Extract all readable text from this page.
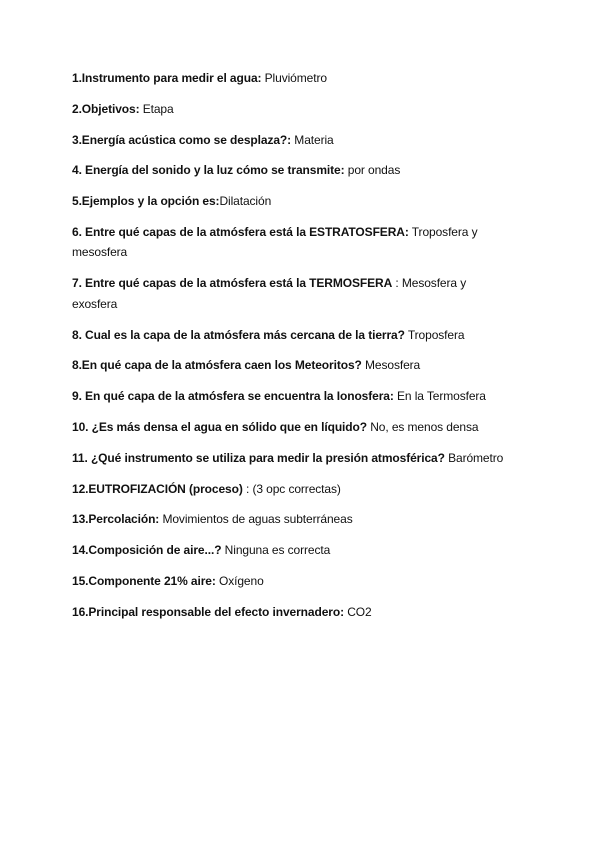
1.Instrumento para medir el agua: Pluviómetro

2.Objetivos: Etapa

3.Energía acústica como se desplaza?: Materia

4. Energía del sonido y la luz cómo se transmite: por ondas

5.Ejemplos y la opción es:Dilatación

6. Entre qué capas de la atmósfera está la ESTRATOSFERA: Troposfera y mesosfera

7. Entre qué capas de la atmósfera está la TERMOSFERA : Mesosfera y exosfera

8. Cual es la capa de la atmósfera más cercana de la tierra? Troposfera

8.En qué capa de la atmósfera caen los Meteoritos? Mesosfera

9. En qué capa de la atmósfera se encuentra la Ionosfera: En la Termosfera

10. ¿Es más densa el agua en sólido que en líquido? No, es menos densa

11. ¿Qué instrumento se utiliza para medir la presión atmosférica? Barómetro

12.EUTROFIZACIÓN (proceso) : (3 opc correctas)

13.Percolación: Movimientos de aguas subterráneas

14.Composición de aire...? Ninguna es correcta

15.Componente 21% aire: Oxígeno

16.Principal responsable del efecto invernadero: CO2
